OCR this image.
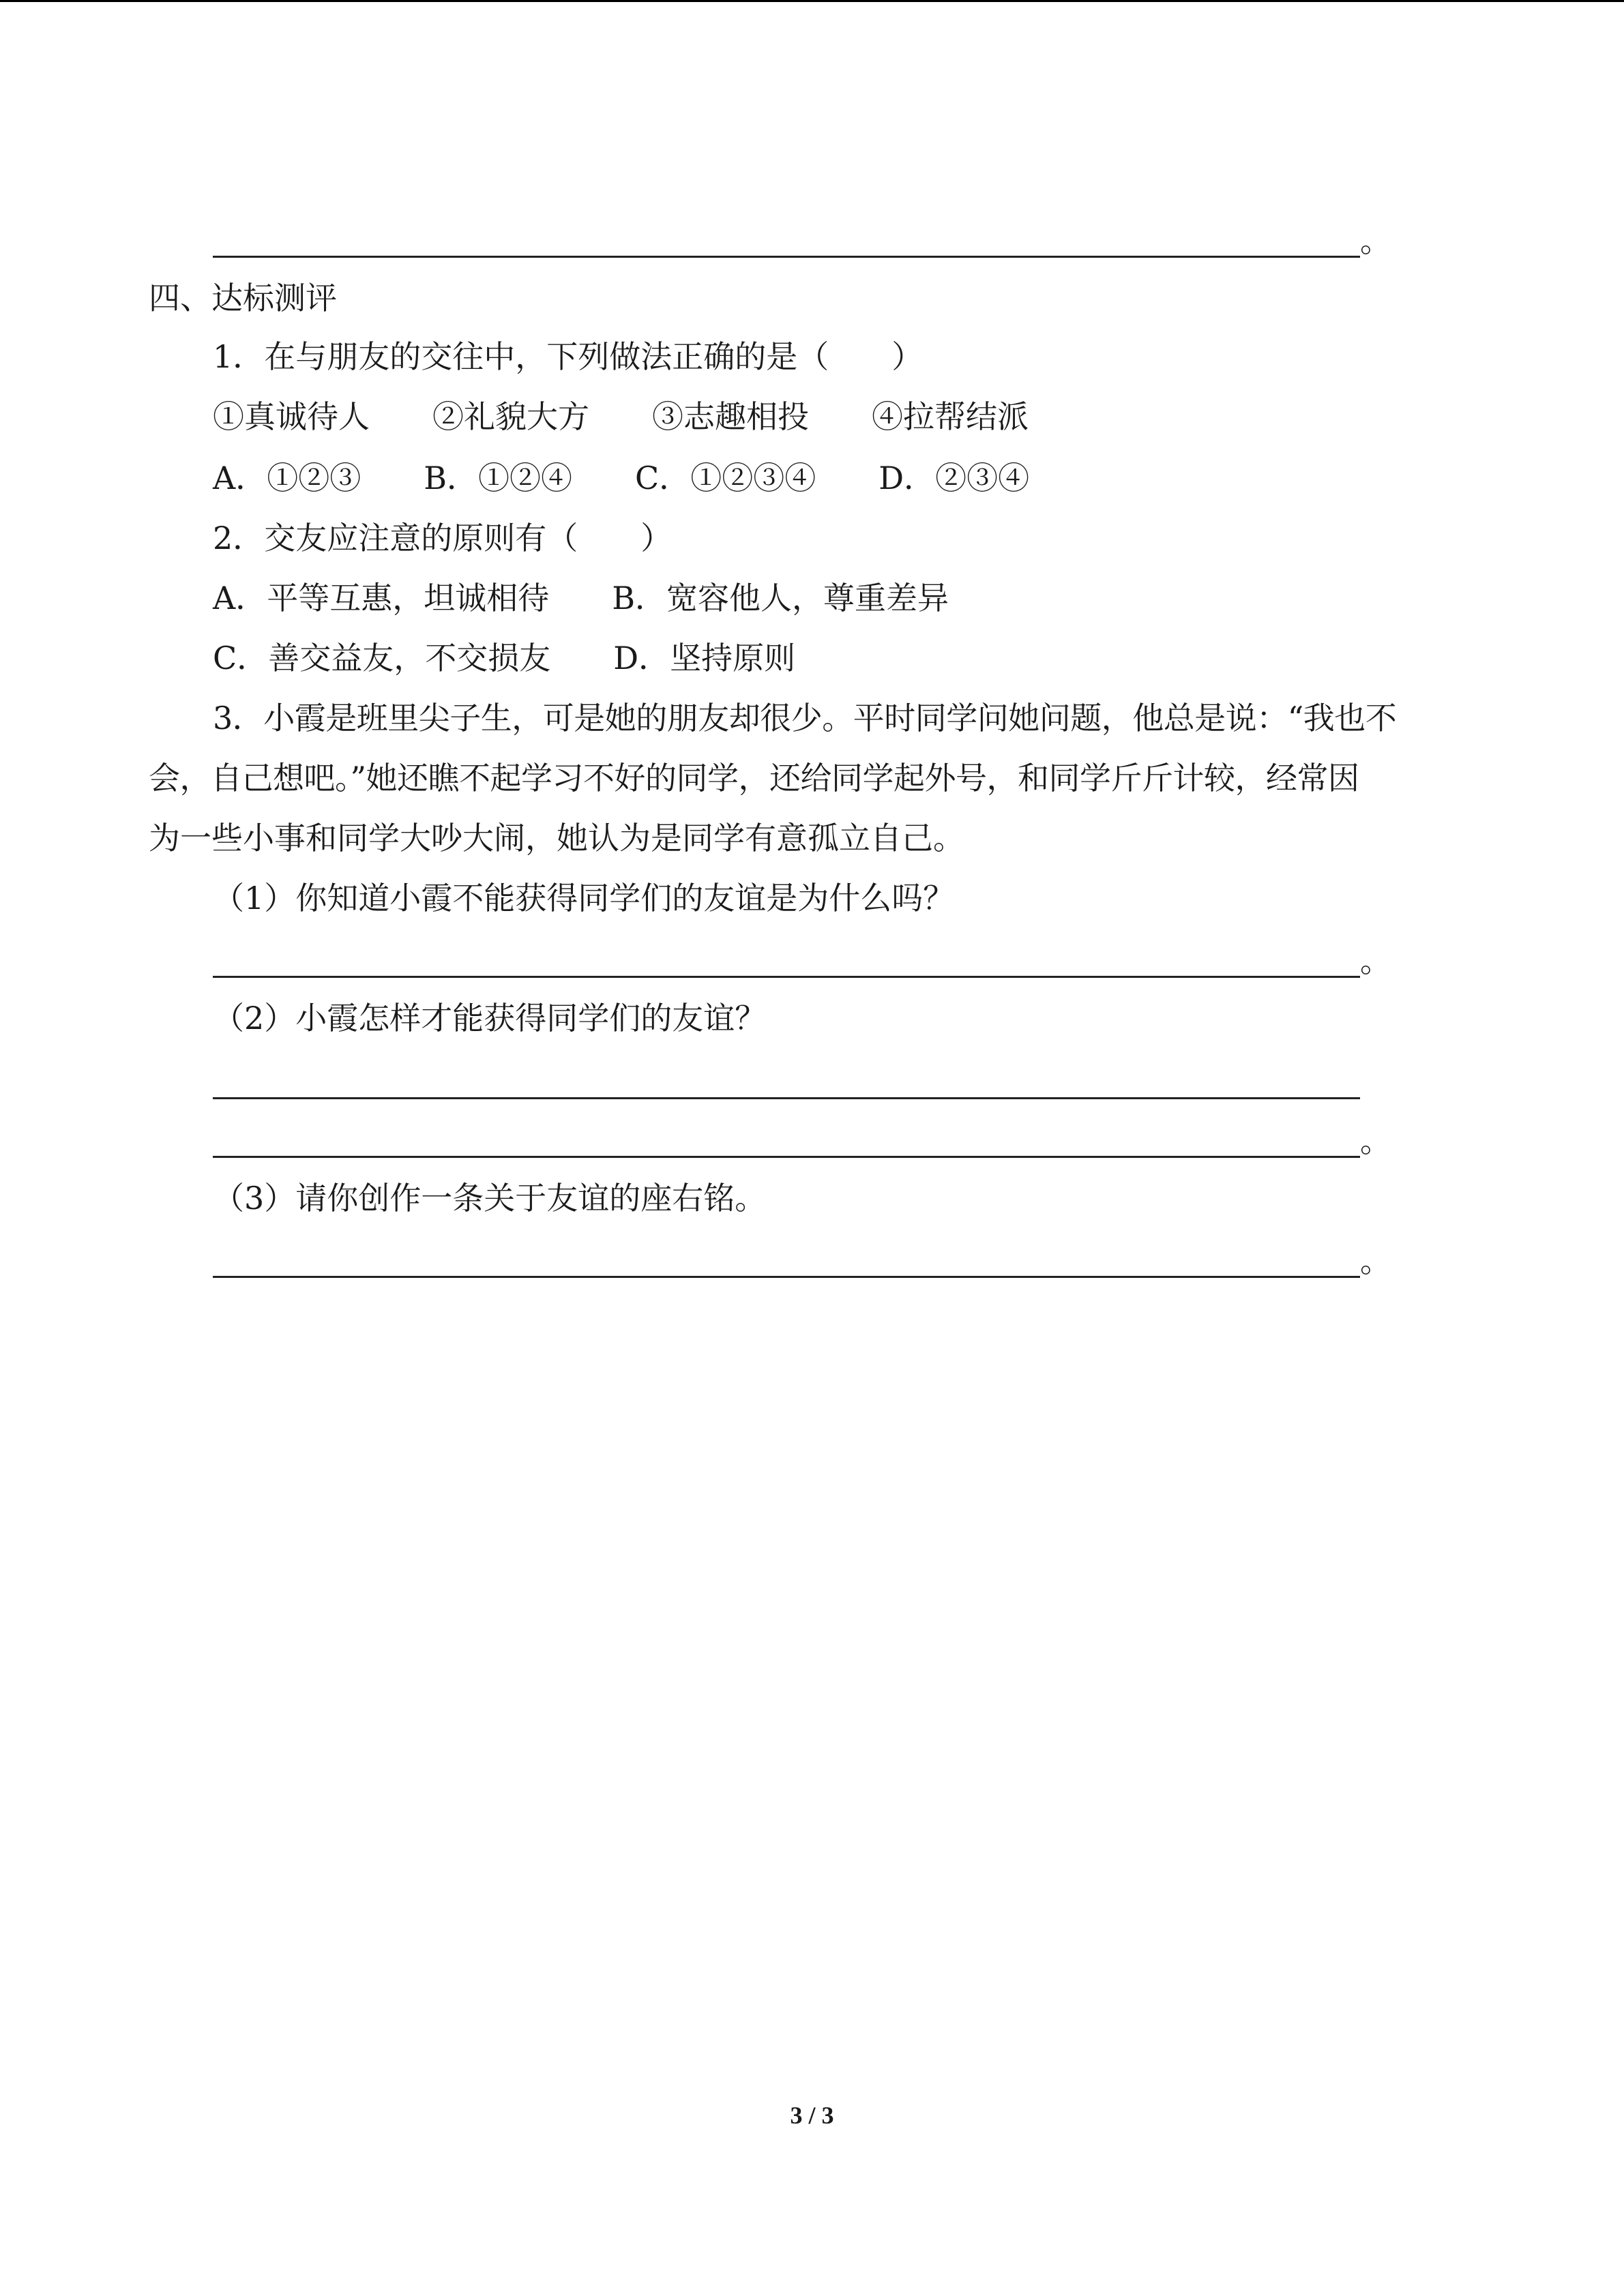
。
四、达标测评
1．在与朋友的交往中，下列做法正确的是（　　）
①真诚待人　　②礼貌大方　　③志趣相投　　④拉帮结派
A．①②③　　B．①②④　　C．①②③④　　D．②③④
2．交友应注意的原则有（　　）
A．平等互惠，坦诚相待　　B．宽容他人，尊重差异
C．善交益友，不交损友　　D．坚持原则
3．小霞是班里尖子生，可是她的朋友却很少。平时同学问她问题，他总是说：“我也不
会，自己想吧。”她还瞧不起学习不好的同学，还给同学起外号，和同学斤斤计较，经常因
为一些小事和同学大吵大闹，她认为是同学有意孤立自己。
（1）你知道小霞不能获得同学们的友谊是为什么吗？
。
（2）小霞怎样才能获得同学们的友谊？
。
（3）请你创作一条关于友谊的座右铭。
。
3 / 3
